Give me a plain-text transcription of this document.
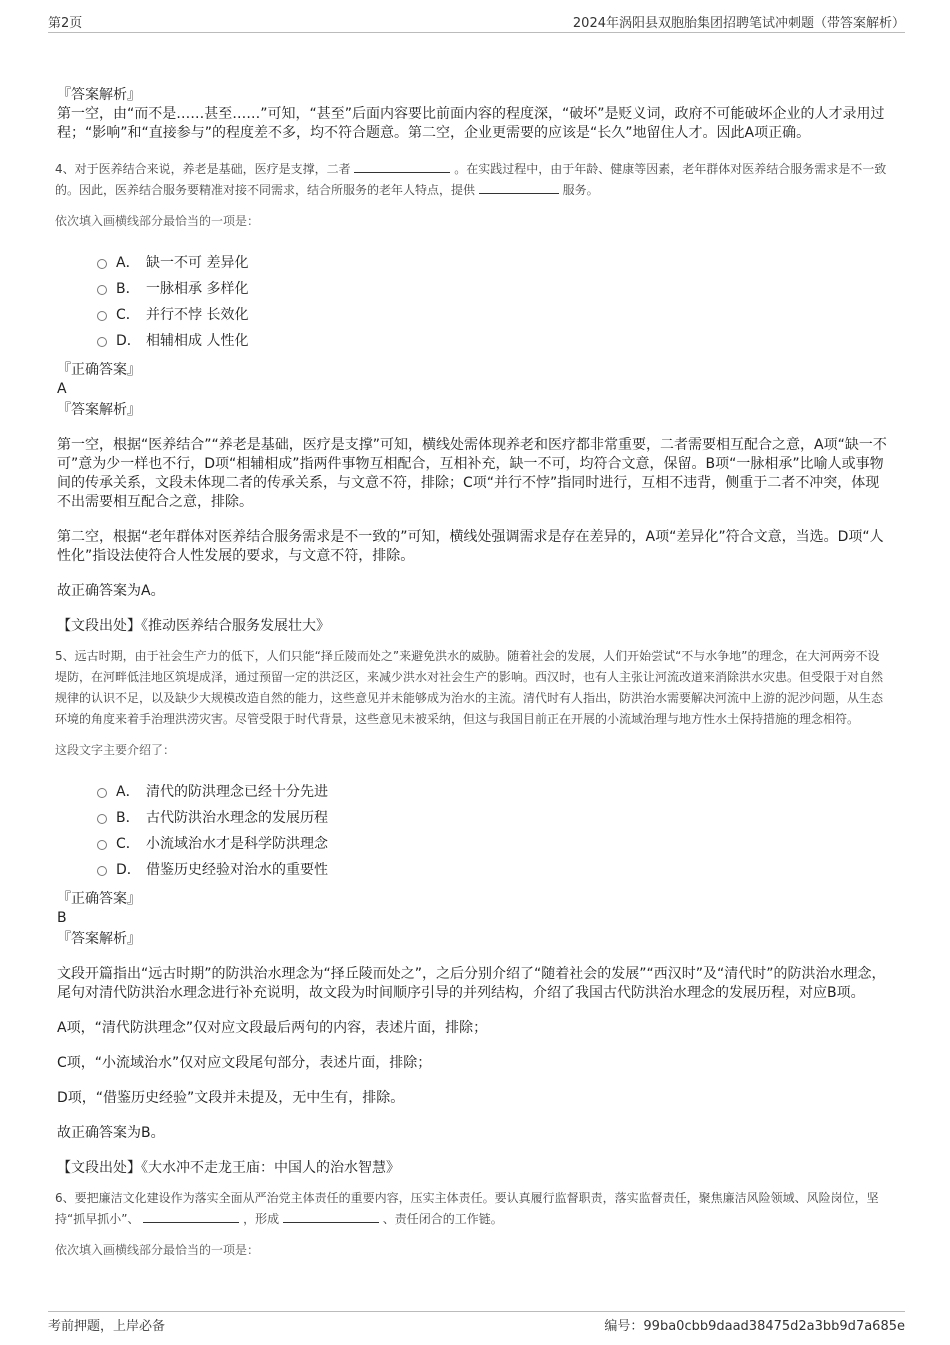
第2页	2024年涡阳县双胞胎集团招聘笔试冲刺题（带答案解析）
『答案解析』

第一空，由“而不是……甚至……”可知，“甚至”后面内容要比前面内容的程度深，“破坏”是贬义词，政府不可能破坏企业的人才录用过程；“影响”和“直接参与”的程度差不多，均不符合题意。第二空，企业更需要的应该是“长久”地留住人才。因此A项正确。

4、对于医养结合来说，养老是基础，医疗是支撑，二者	。在实践过程中，由于年龄、健康等因素，老年群体对医养结合服务需求是不一致的。因此，医养结合服务要精准对接不同需求，结合所服务的老年人特点，提供	服务。
依次填入画横线部分最恰当的一项是：
A． 缺一不可 差异化
B． 一脉相承 多样化
C． 并行不悖 长效化
D． 相辅相成 人性化
『正确答案』
A
『答案解析』

第一空，根据“医养结合”“养老是基础，医疗是支撑”可知，横线处需体现养老和医疗都非常重要，二者需要相互配合之意，A项“缺一不可”意为少一样也不行，D项“相辅相成”指两件事物互相配合，互相补充，缺一不可，均符合文意，保留。B项“一脉相承”比喻人或事物间的传承关系，文段未体现二者的传承关系，与文意不符，排除；C项“并行不悖”指同时进行，互相不违背，侧重于二者不冲突，体现不出需要相互配合之意，排除。

第二空，根据“老年群体对医养结合服务需求是不一致的”可知，横线处强调需求是存在差异的，A项“差异化”符合文意，当选。D项“人性化”指设法使符合人性发展的要求，与文意不符，排除。

故正确答案为A。

【文段出处】《推动医养结合服务发展壮大》
5、远古时期，由于社会生产力的低下，人们只能“择丘陵而处之”来避免洪水的威胁。随着社会的发展，人们开始尝试“不与水争地”的理念，在大河两旁不设堤防，在河畔低洼地区筑堤成泽，通过预留一定的洪泛区，来减少洪水对社会生产的影响。西汉时，也有人主张让河流改道来消除洪水灾患。但受限于对自然规律的认识不足，以及缺少大规模改造自然的能力，这些意见并未能够成为治水的主流。清代时有人指出，防洪治水需要解决河流中上游的泥沙问题，从生态环境的角度来着手治理洪涝灾害。尽管受限于时代背景，这些意见未被采纳，但这与我国目前正在开展的小流域治理与地方性水土保持措施的理念相符。
这段文字主要介绍了：
A． 清代的防洪理念已经十分先进
B． 古代防洪治水理念的发展历程
C． 小流域治水才是科学防洪理念
D． 借鉴历史经验对治水的重要性
『正确答案』
B
『答案解析』

文段开篇指出“远古时期”的防洪治水理念为“择丘陵而处之”，之后分别介绍了“随着社会的发展”“西汉时”及“清代时”的防洪治水理念，尾句对清代防洪治水理念进行补充说明，故文段为时间顺序引导的并列结构，介绍了我国古代防洪治水理念的发展历程，对应B项。

A项，“清代防洪理念”仅对应文段最后两句的内容，表述片面，排除；

C项，“小流域治水”仅对应文段尾句部分，表述片面，排除；

D项，“借鉴历史经验”文段并未提及，无中生有，排除。

故正确答案为B。

【文段出处】《大水冲不走龙王庙：中国人的治水智慧》
6、要把廉洁文化建设作为落实全面从严治党主体责任的重要内容，压实主体责任。要认真履行监督职责，落实监督责任，聚焦廉洁风险领域、风险岗位，坚持“抓早抓小”、	，形成	、责任闭合的工作链。
依次填入画横线部分最恰当的一项是：
考前押题，上岸必备	编号：99ba0cbb9daad38475d2a3bb9d7a685e
